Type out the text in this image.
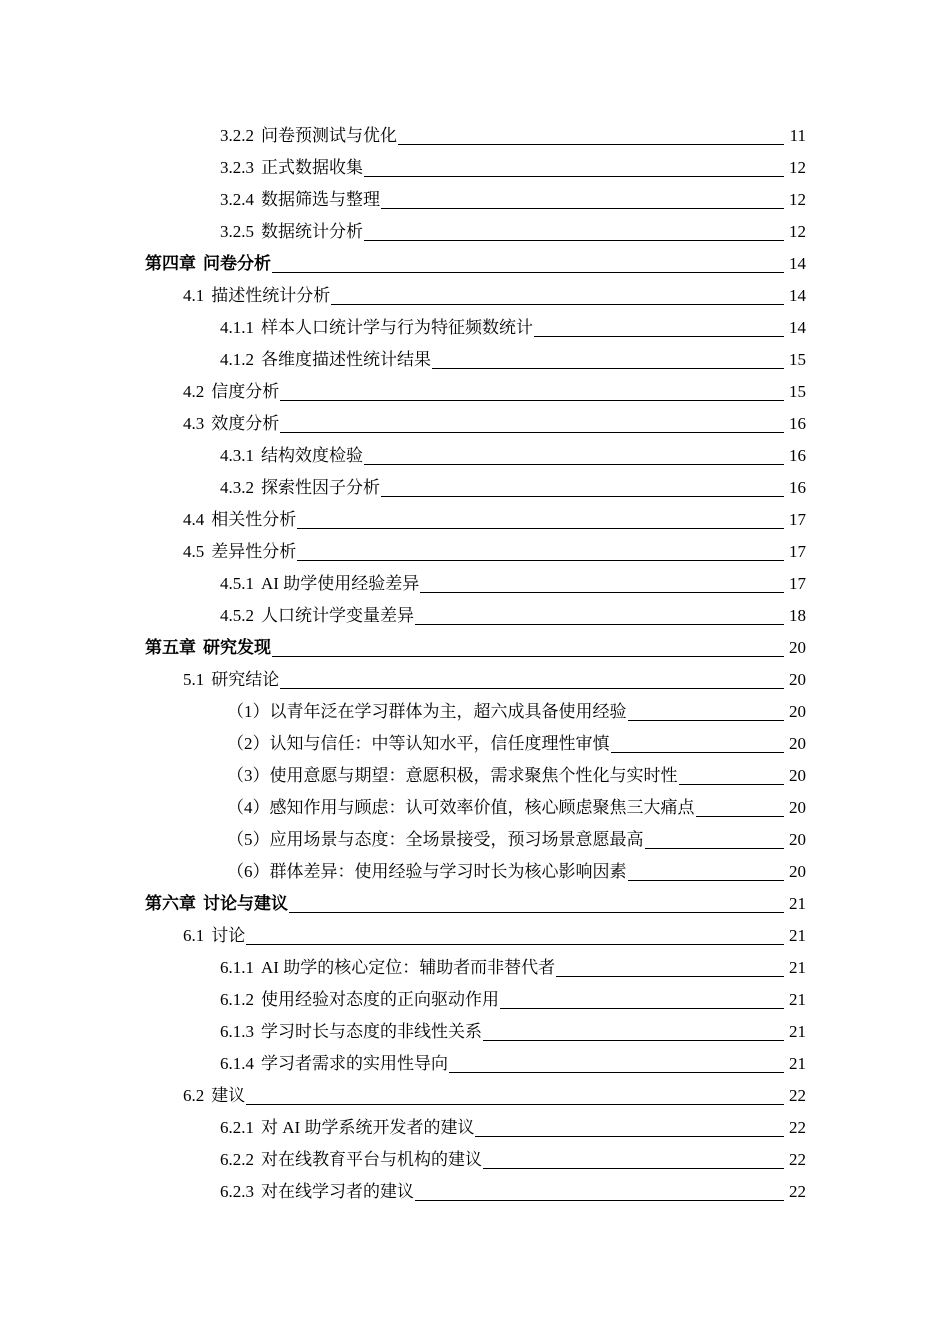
3.2.2 问卷预测试与优化	11
3.2.3 正式数据收集	12
3.2.4 数据筛选与整理	12
3.2.5 数据统计分析	12
第四章 问卷分析	14
4.1 描述性统计分析	14
4.1.1 样本人口统计学与行为特征频数统计	14
4.1.2 各维度描述性统计结果	15
4.2 信度分析	15
4.3 效度分析	16
4.3.1 结构效度检验	16
4.3.2 探索性因子分析	16
4.4 相关性分析	17
4.5 差异性分析	17
4.5.1 AI 助学使用经验差异	17
4.5.2 人口统计学变量差异	18
第五章 研究发现	20
5.1 研究结论	20
（1）以青年泛在学习群体为主，超六成具备使用经验	20
（2）认知与信任：中等认知水平，信任度理性审慎	20
（3）使用意愿与期望：意愿积极，需求聚焦个性化与实时性	20
（4）感知作用与顾虑：认可效率价值，核心顾虑聚焦三大痛点	20
（5）应用场景与态度：全场景接受，预习场景意愿最高	20
（6）群体差异：使用经验与学习时长为核心影响因素	20
第六章 讨论与建议	21
6.1 讨论	21
6.1.1 AI 助学的核心定位：辅助者而非替代者	21
6.1.2 使用经验对态度的正向驱动作用	21
6.1.3 学习时长与态度的非线性关系	21
6.1.4 学习者需求的实用性导向	21
6.2 建议	22
6.2.1 对 AI 助学系统开发者的建议	22
6.2.2 对在线教育平台与机构的建议	22
6.2.3 对在线学习者的建议	22
